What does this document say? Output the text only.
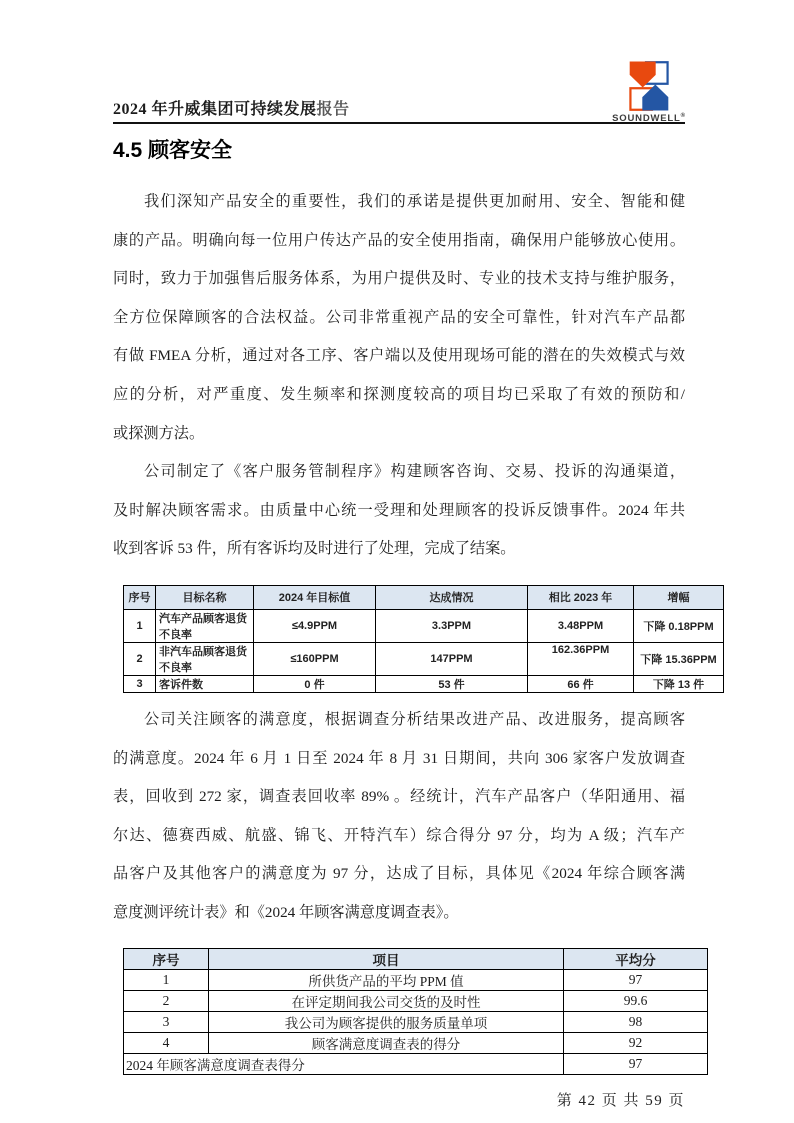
2024 年升威集团可持续发展报告
SOUNDWELL®
4.5 顾客安全
我们深知产品安全的重要性，我们的承诺是提供更加耐用、安全、智能和健
康的产品。明确向每一位用户传达产品的安全使用指南，确保用户能够放心使用。
同时，致力于加强售后服务体系，为用户提供及时、专业的技术支持与维护服务，
全方位保障顾客的合法权益。公司非常重视产品的安全可靠性，针对汽车产品都
有做 FMEA 分析，通过对各工序、客户端以及使用现场可能的潜在的失效模式与效
应的分析，对严重度、发生频率和探测度较高的项目均已采取了有效的预防和/
或探测方法。
公司制定了《客户服务管制程序》构建顾客咨询、交易、投诉的沟通渠道，
及时解决顾客需求。由质量中心统一受理和处理顾客的投诉反馈事件。2024 年共
收到客诉 53 件，所有客诉均及时进行了处理，完成了结案。
序号	目标名称	2024 年目标值	达成情况	相比 2023 年	增幅
1	汽车产品顾客退货不良率	≤4.9PPM	3.3PPM	3.48PPM	下降 0.18PPM
2	非汽车品顾客退货不良率	≤160PPM	147PPM	162.36PPM	下降 15.36PPM
3	客诉件数	0 件	53 件	66 件	下降 13 件
公司关注顾客的满意度，根据调查分析结果改进产品、改进服务，提高顾客
的满意度。2024 年 6 月 1 日至 2024 年 8 月 31 日期间，共向 306 家客户发放调查
表，回收到 272 家，调查表回收率 89% 。经统计，汽车产品客户（华阳通用、福
尔达、德赛西威、航盛、锦飞、开特汽车）综合得分 97 分，均为 A 级；汽车产
品客户及其他客户的满意度为 97 分，达成了目标，具体见《2024 年综合顾客满
意度测评统计表》和《2024 年顾客满意度调查表》。
序号	项目	平均分
1	所供货产品的平均 PPM 值	97
2	在评定期间我公司交货的及时性	99.6
3	我公司为顾客提供的服务质量单项	98
4	顾客满意度调查表的得分	92
2024 年顾客满意度调查表得分		97
第 42 页 共 59 页
